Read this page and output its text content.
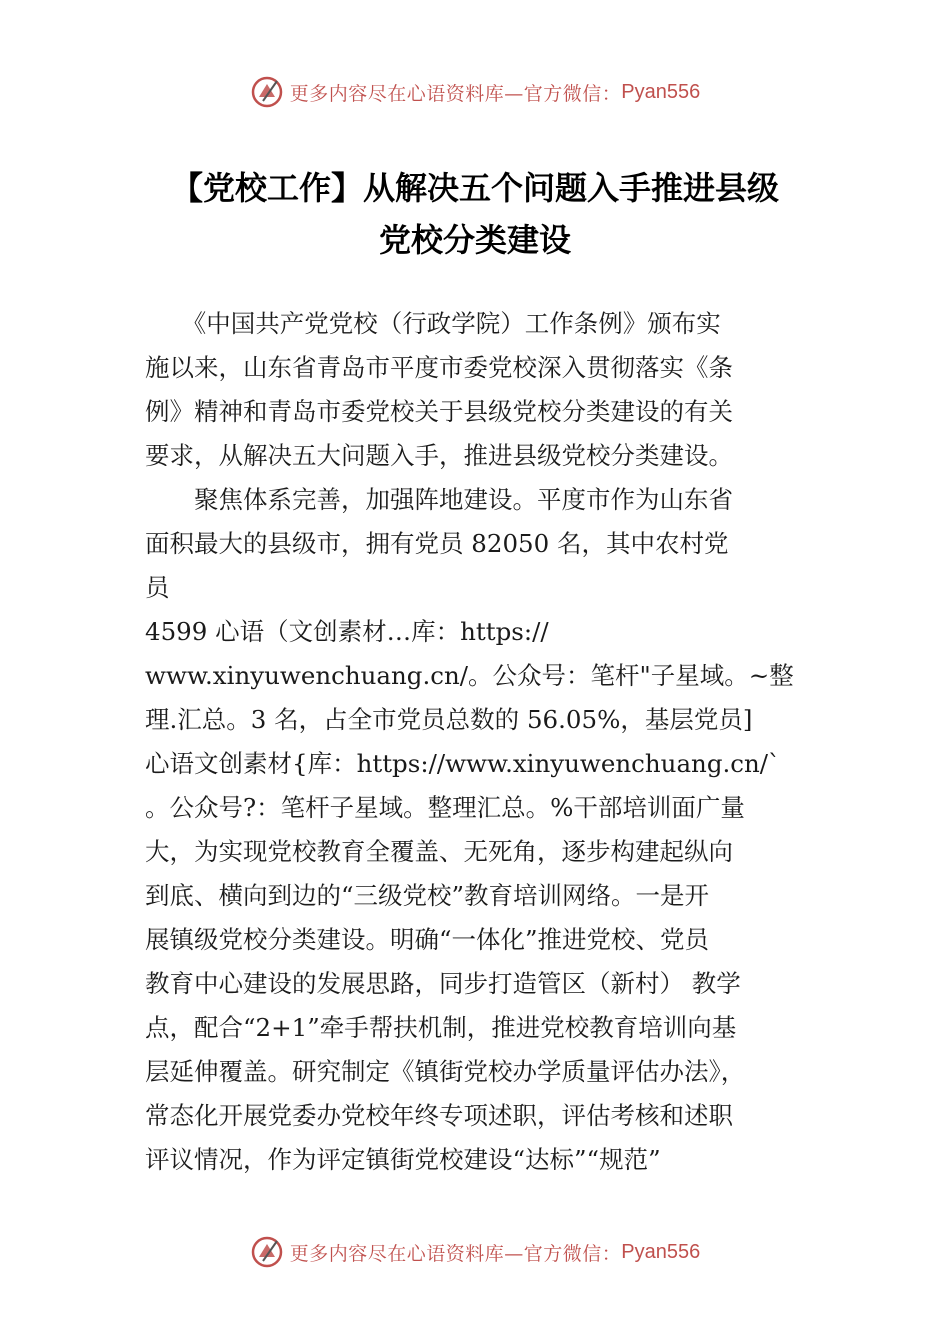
更多内容尽在心语资料库—官方微信： Pyan556
【党校工作】从解决五个问题入手推进县级
党校分类建设
　　《中国共产党党校（行政学院）工作条例》颁布实
施以来，山东省青岛市平度市委党校深入贯彻落实《条
例》精神和青岛市委党校关于县级党校分类建设的有关
要求，从解决五大问题入手，推进县级党校分类建设。
　　聚焦体系完善，加强阵地建设。平度市作为山东省
面积最大的县级市，拥有党员 82050 名，其中农村党
员
4599 心语（文创素材…库：https://
www.xinyuwenchuang.cn/。公众号：笔杆"子星域。~整
理.汇总。3 名，占全市党员总数的 56.05%，基层党员]
心语文创素材{库：https://www.xinyuwenchuang.cn/`
。公众号?：笔杆子星域。整理汇总。%干部培训面广量
大，为实现党校教育全覆盖、无死角，逐步构建起纵向
到底、横向到边的“三级党校”教育培训网络。一是开
展镇级党校分类建设。明确“一体化”推进党校、党员
教育中心建设的发展思路，同步打造管区（新村） 教学
点，配合“2+1”牵手帮扶机制，推进党校教育培训向基
层延伸覆盖。研究制定《镇街党校办学质量评估办法》，
常态化开展党委办党校年终专项述职，评估考核和述职
评议情况，作为评定镇街党校建设“达标”“规范”
更多内容尽在心语资料库—官方微信： Pyan556
